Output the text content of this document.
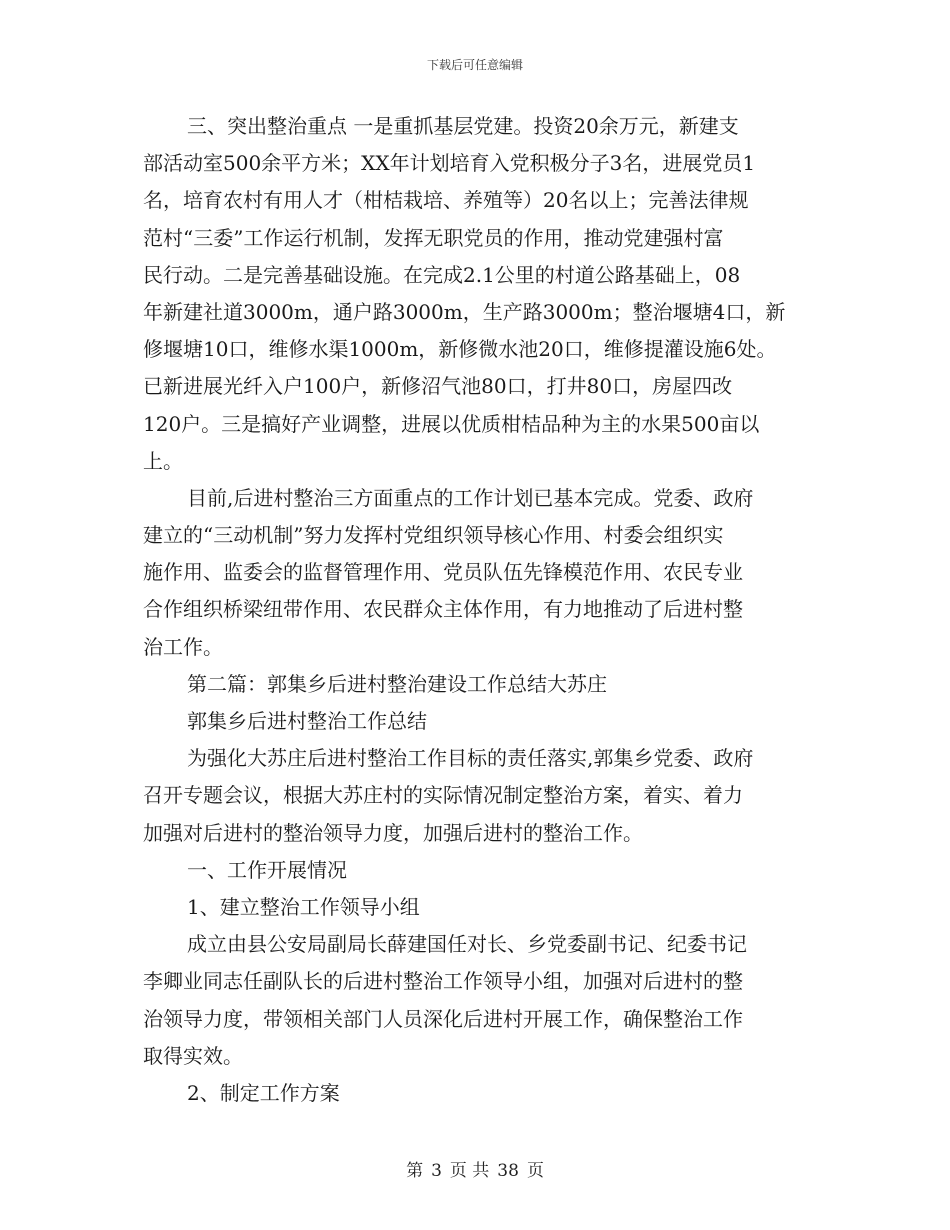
下载后可任意编辑
三、突出整治重点 一是重抓基层党建。投资20余万元，新建支
部活动室500余平方米；XX年计划培育入党积极分子3名，进展党员1
名，培育农村有用人才（柑桔栽培、养殖等）20名以上；完善法律规
范村“三委”工作运行机制，发挥无职党员的作用，推动党建强村富
民行动。二是完善基础设施。在完成2.1公里的村道公路基础上，08
年新建社道3000m，通户路3000m，生产路3000m；整治堰塘4口，新
修堰塘10口，维修水渠1000m，新修微水池20口，维修提灌设施6处。
已新进展光纤入户100户，新修沼气池80口，打井80口，房屋四改
120户。三是搞好产业调整，进展以优质柑桔品种为主的水果500亩以
上。
目前,后进村整治三方面重点的工作计划已基本完成。党委、政府
建立的“三动机制”努力发挥村党组织领导核心作用、村委会组织实
施作用、监委会的监督管理作用、党员队伍先锋模范作用、农民专业
合作组织桥梁纽带作用、农民群众主体作用，有力地推动了后进村整
治工作。
第二篇：郭集乡后进村整治建设工作总结大苏庄
郭集乡后进村整治工作总结
为强化大苏庄后进村整治工作目标的责任落实,郭集乡党委、政府
召开专题会议，根据大苏庄村的实际情况制定整治方案，着实、着力
加强对后进村的整治领导力度，加强后进村的整治工作。
一、工作开展情况
1、建立整治工作领导小组
成立由县公安局副局长薛建国任对长、乡党委副书记、纪委书记
李卿业同志任副队长的后进村整治工作领导小组，加强对后进村的整
治领导力度，带领相关部门人员深化后进村开展工作，确保整治工作
取得实效。
2、制定工作方案
第 3 页 共 38 页
